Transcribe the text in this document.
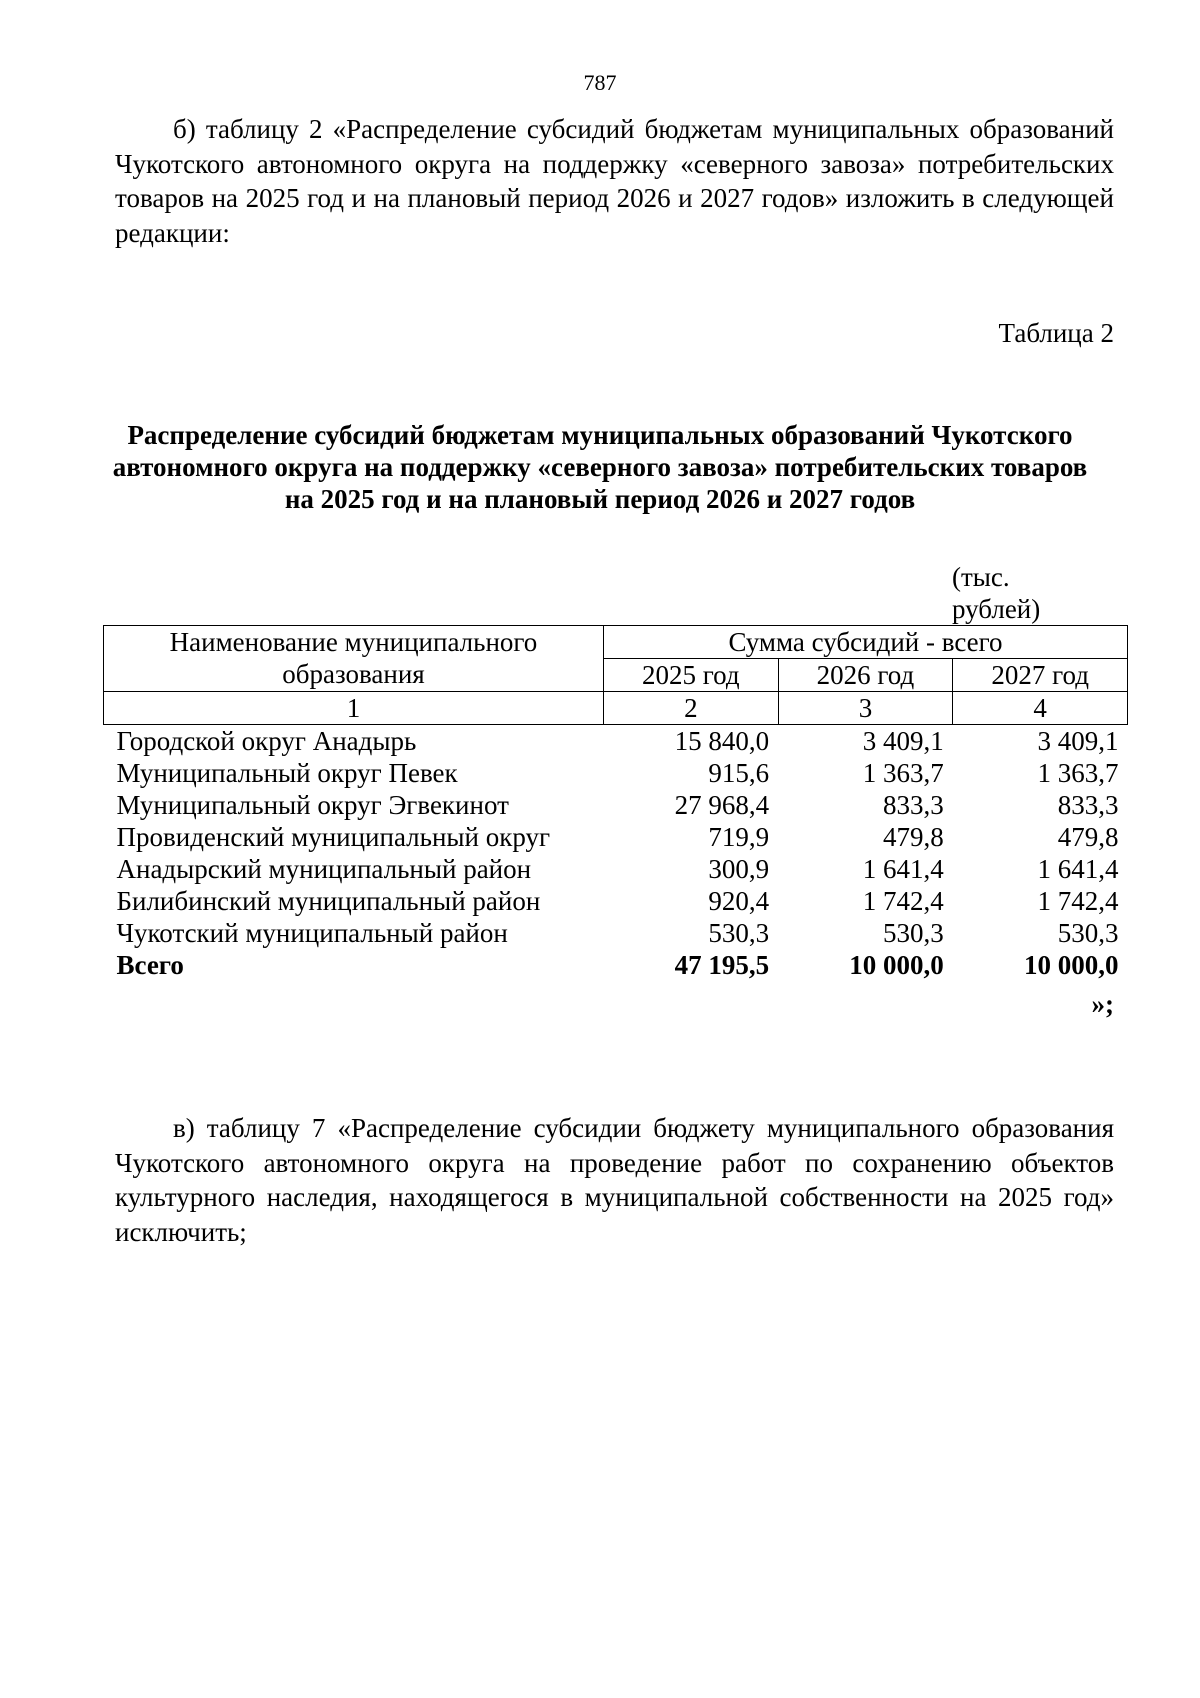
787

б) таблицу 2 «Распределение субсидий бюджетам муниципальных образований Чукотского автономного округа на поддержку «северного завоза» потребительских товаров на 2025 год и на плановый период 2026 и 2027 годов» изложить в следующей редакции:

Таблица 2

Распределение субсидий бюджетам муниципальных образований Чукотского автономного округа на поддержку «северного завоза» потребительских товаров на 2025 год и на плановый период 2026 и 2027 годов

(тыс. рублей)
Наименование муниципального образования	Сумма субсидий - всего		
	2025 год	2026 год	2027 год
1	2	3	4
Городской округ Анадырь	15 840,0	3 409,1	3 409,1
Муниципальный округ Певек	915,6	1 363,7	1 363,7
Муниципальный округ Эгвекинот	27 968,4	833,3	833,3
Провиденский муниципальный округ	719,9	479,8	479,8
Анадырский муниципальный район	300,9	1 641,4	1 641,4
Билибинский муниципальный район	920,4	1 742,4	1 742,4
Чукотский муниципальный район	530,3	530,3	530,3
Всего	47 195,5	10 000,0	10 000,0
»;

в) таблицу 7 «Распределение субсидии бюджету муниципального образования Чукотского автономного округа на проведение работ по сохранению объектов культурного наследия, находящегося в муниципальной собственности на 2025 год» исключить;
